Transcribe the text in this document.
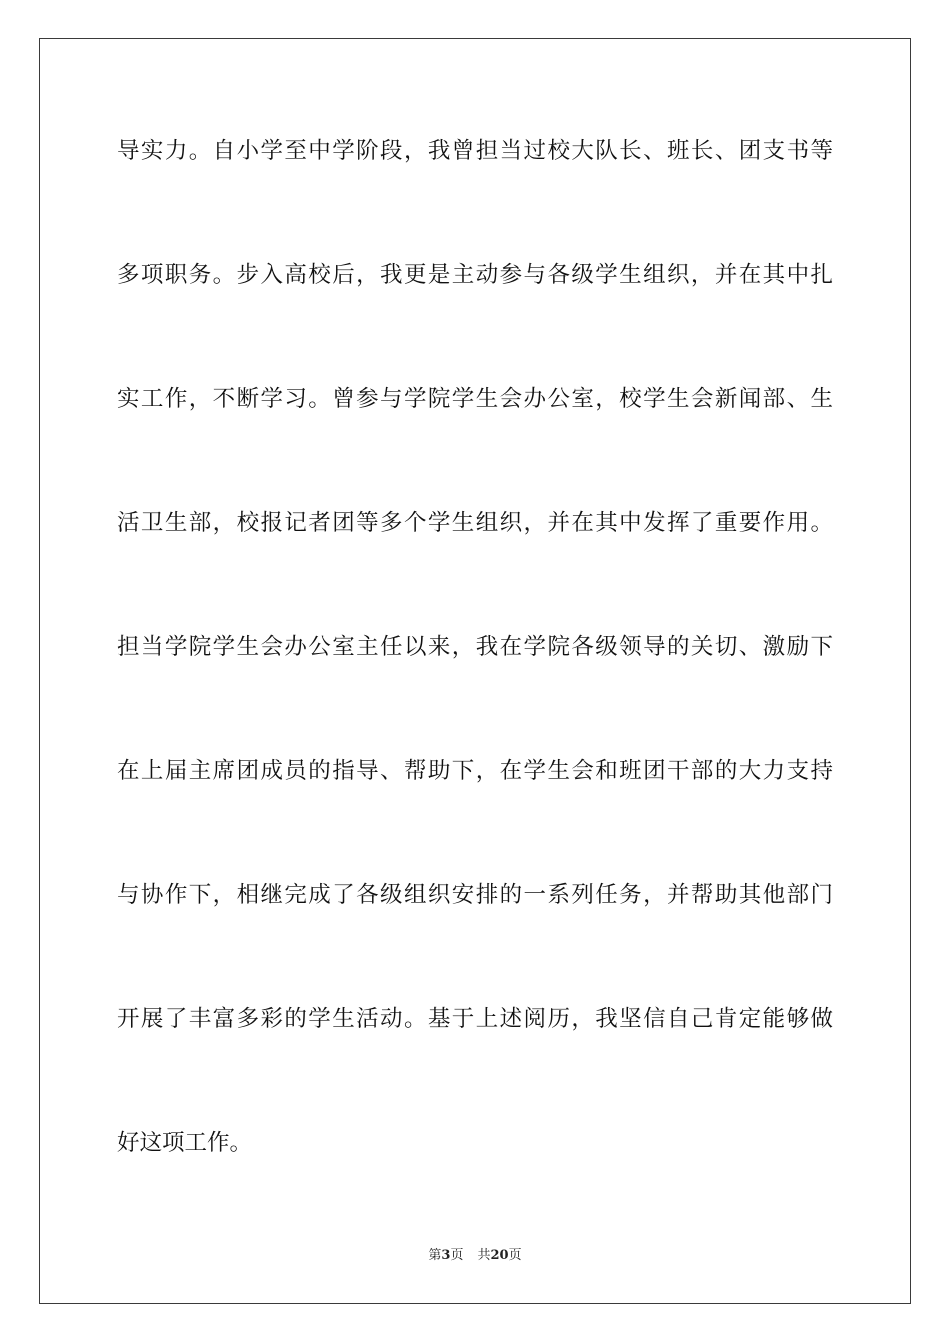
导实力。自小学至中学阶段，我曾担当过校大队长、班长、团支书等
多项职务。步入高校后，我更是主动参与各级学生组织，并在其中扎
实工作，不断学习。曾参与学院学生会办公室，校学生会新闻部、生
活卫生部，校报记者团等多个学生组织，并在其中发挥了重要作用。
担当学院学生会办公室主任以来，我在学院各级领导的关切、激励下
在上届主席团成员的指导、帮助下，在学生会和班团干部的大力支持
与协作下，相继完成了各级组织安排的一系列任务，并帮助其他部门
开展了丰富多彩的学生活动。基于上述阅历，我坚信自己肯定能够做
好这项工作。
第3页 共20页
